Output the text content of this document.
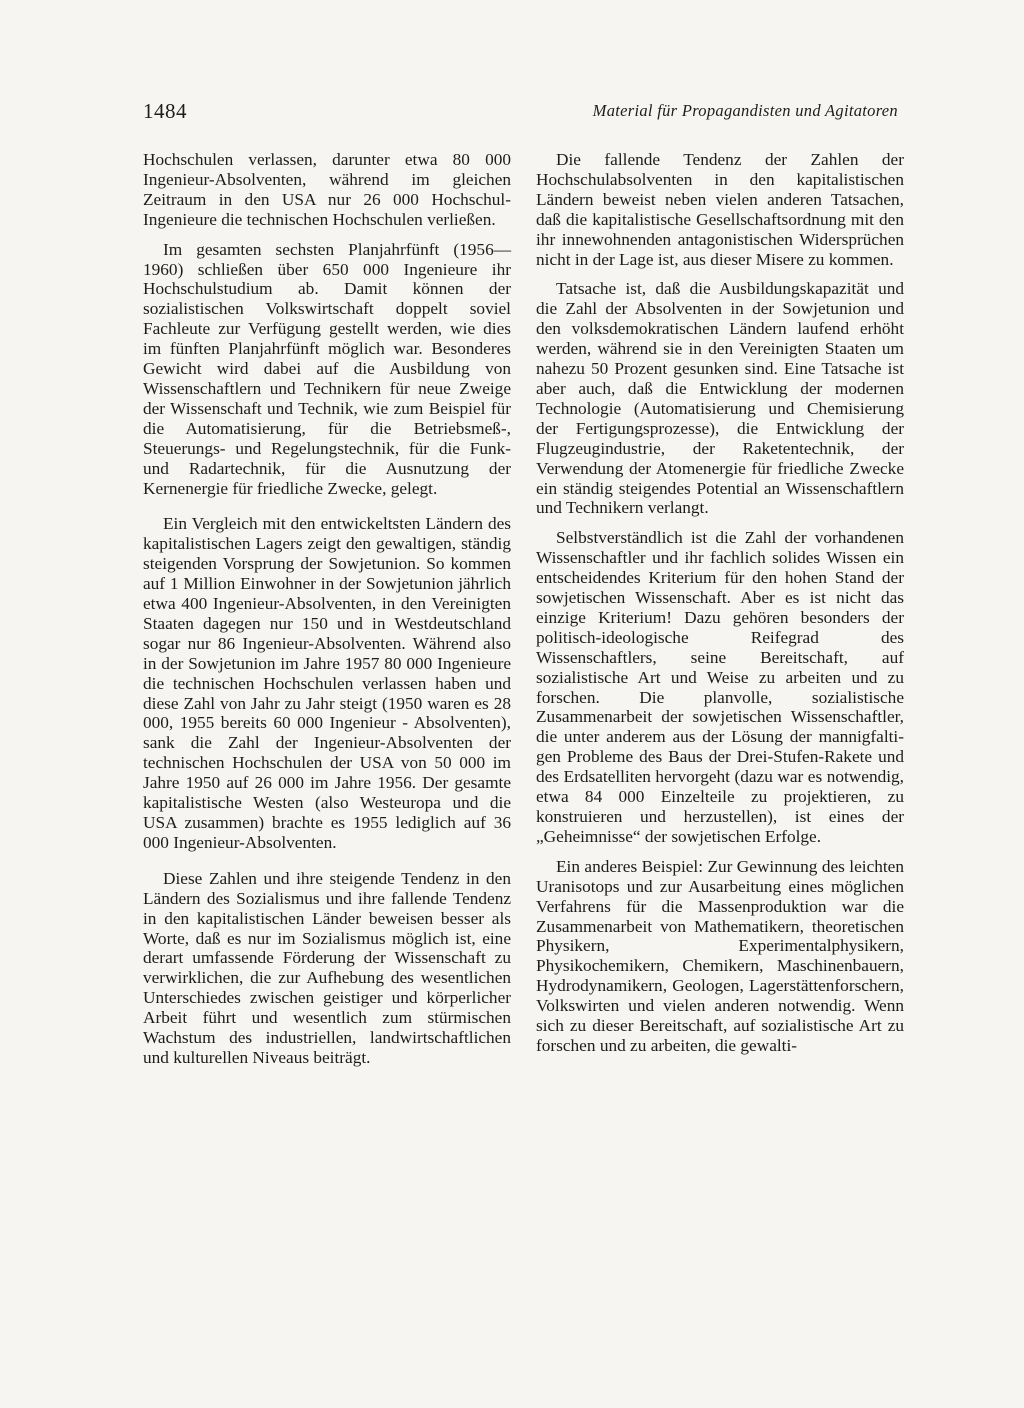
1484	Material für Propagandisten und Agitatoren

Hochschulen verlassen, darunter etwa 80 000 Ingenieur-Absolventen, während im gleichen Zeitraum in den USA nur 26 000 Hochschul-Ingenieure die technischen Hochschulen verließen.

Im gesamten sechsten Planjahrfünft (1956—1960) schließen über 650 000 Ingenieure ihr Hochschulstudium ab. Damit können der sozialistischen Volkswirtschaft doppelt soviel Fachleute zur Verfügung gestellt werden, wie dies im fünften Planjahrfünft möglich war. Besonderes Gewicht wird dabei auf die Ausbildung von Wissenschaftlern und Technikern für neue Zweige der Wissenschaft und Technik, wie zum Beispiel für die Automatisierung, für die Betriebsmeß-, Steuerungs- und Regelungstechnik, für die Funk- und Radartechnik, für die Ausnutzung der Kernenergie für friedliche Zwecke, gelegt.

Ein Vergleich mit den entwickeltsten Ländern des kapitalistischen Lagers zeigt den gewaltigen, ständig steigenden Vorsprung der Sowjetunion. So kommen auf 1 Million Einwohner in der Sowjetunion jährlich etwa 400 Ingenieur-Absolventen, in den Vereinigten Staaten dagegen nur 150 und in Westdeutschland sogar nur 86 Ingenieur-Absolventen. Während also in der Sowjetunion im Jahre 1957 80 000 Ingenieure die technischen Hochschulen verlassen haben und diese Zahl von Jahr zu Jahr steigt (1950 waren es 28 000, 1955 bereits 60 000 Ingenieur - Absolventen), sank die Zahl der Ingenieur-Absolventen der technischen Hochschulen der USA von 50 000 im Jahre 1950 auf 26 000 im Jahre 1956. Der gesamte kapitalistische Westen (also Westeuropa und die USA zusammen) brachte es 1955 lediglich auf 36 000 Ingenieur-Absolventen.

Diese Zahlen und ihre steigende Tendenz in den Ländern des Sozialismus und ihre fallende Tendenz in den kapitalistischen Länder beweisen besser als Worte, daß es nur im Sozialismus möglich ist, eine derart umfassende Förderung der Wissenschaft zu verwirklichen, die zur Aufhebung des wesentlichen Unterschiedes zwischen geistiger und körperlicher Arbeit führt und wesentlich zum stürmischen Wachstum des industriellen, landwirtschaftlichen und kulturellen Niveaus beiträgt.

Die fallende Tendenz der Zahlen der Hochschulabsolventen in den kapitalistischen Ländern beweist neben vielen anderen Tatsachen, daß die kapitalistische Gesellschaftsordnung mit den ihr innewohnenden antagonistischen Widersprüchen nicht in der Lage ist, aus dieser Misere zu kommen.

Tatsache ist, daß die Ausbildungskapazität und die Zahl der Absolventen in der Sowjetunion und den volksdemokratischen Ländern laufend erhöht werden, während sie in den Vereinigten Staaten um nahezu 50 Prozent gesunken sind. Eine Tatsache ist aber auch, daß die Entwicklung der modernen Technologie (Automatisierung und Chemisierung der Fertigungsprozesse), die Entwicklung der Flugzeugindustrie, der Raketentechnik, der Verwendung der Atomenergie für friedliche Zwecke ein ständig steigendes Potential an Wissenschaftlern und Technikern verlangt.

Selbstverständlich ist die Zahl der vorhandenen Wissenschaftler und ihr fachlich solides Wissen ein entscheidendes Kriterium für den hohen Stand der sowjetischen Wissenschaft. Aber es ist nicht das einzige Kriterium! Dazu gehören besonders der politisch-ideologische Reifegrad des Wissenschaftlers, seine Bereitschaft, auf sozialistische Art und Weise zu arbeiten und zu forschen. Die planvolle, sozialistische Zusammenarbeit der sowjetischen Wissenschaftler, die unter anderem aus der Lösung der mannigfaltigen Probleme des Baus der Drei-Stufen-Rakete und des Erdsatelliten hervorgeht (dazu war es notwendig, etwa 84 000 Einzelteile zu projektieren, zu konstruieren und herzustellen), ist eines der „Geheimnisse“ der sowjetischen Erfolge.

Ein anderes Beispiel: Zur Gewinnung des leichten Uranisotops und zur Ausarbeitung eines möglichen Verfahrens für die Massenproduktion war die Zusammenarbeit von Mathematikern, theoretischen Physikern, Experimentalphysikern, Physikochemikern, Chemikern, Maschinenbauern, Hydrodynamikern, Geologen, Lagerstättenforschern, Volkswirten und vielen anderen notwendig. Wenn sich zu dieser Bereitschaft, auf sozialistische Art zu forschen und zu arbeiten, die gewalti-
